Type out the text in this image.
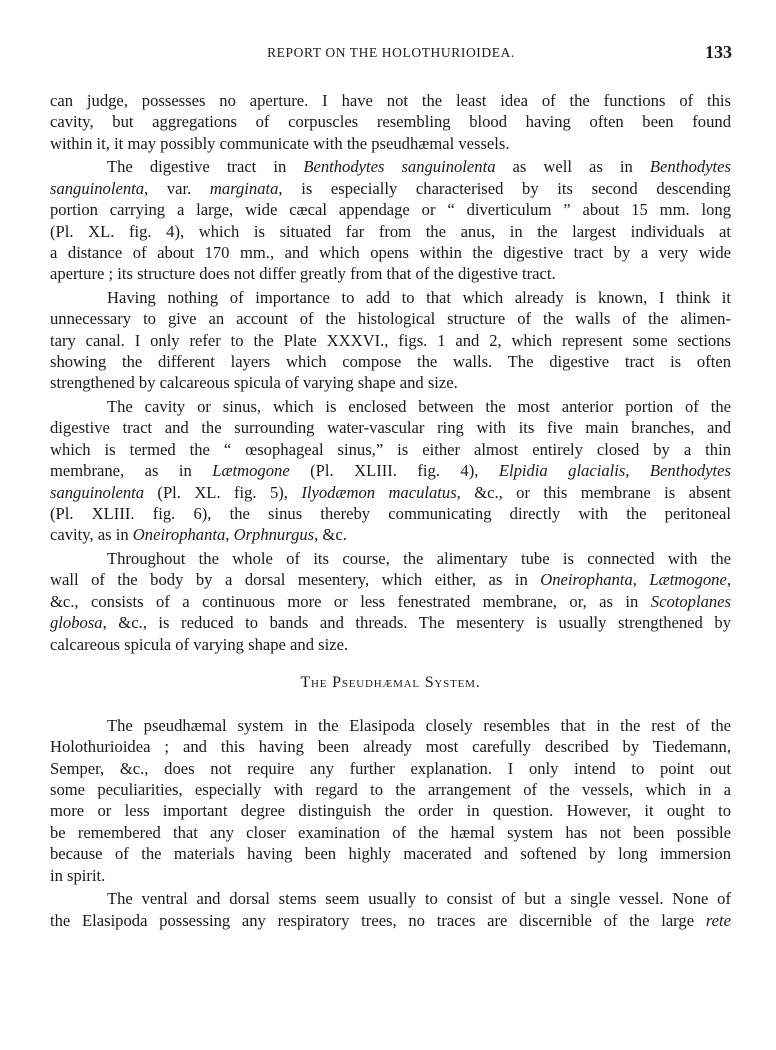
REPORT ON THE HOLOTHURIOIDEA.	133
can judge, possesses no aperture. I have not the least idea of the functions of this
cavity, but aggregations of corpuscles resembling blood having often been found
within it, it may possibly communicate with the pseudhæmal vessels.
The digestive tract in Benthodytes sanguinolenta as well as in Benthodytes
sanguinolenta, var. marginata, is especially characterised by its second descending
portion carrying a large, wide cæcal appendage or “ diverticulum ” about 15 mm. long
(Pl. XL. fig. 4), which is situated far from the anus, in the largest individuals at
a distance of about 170 mm., and which opens within the digestive tract by a very wide
aperture ; its structure does not differ greatly from that of the digestive tract.
Having nothing of importance to add to that which already is known, I think it
unnecessary to give an account of the histological structure of the walls of the alimen-
tary canal. I only refer to the Plate XXXVI., figs. 1 and 2, which represent some sections
showing the different layers which compose the walls. The digestive tract is often
strengthened by calcareous spicula of varying shape and size.
The cavity or sinus, which is enclosed between the most anterior portion of the
digestive tract and the surrounding water-vascular ring with its five main branches, and
which is termed the “ œsophageal sinus,” is either almost entirely closed by a thin
membrane, as in Lætmogone (Pl. XLIII. fig. 4), Elpidia glacialis, Benthodytes
sanguinolenta (Pl. XL. fig. 5), Ilyodæmon maculatus, &c., or this membrane is absent
(Pl. XLIII. fig. 6), the sinus thereby communicating directly with the peritoneal
cavity, as in Oneirophanta, Orphnurgus, &c.
Throughout the whole of its course, the alimentary tube is connected with the
wall of the body by a dorsal mesentery, which either, as in Oneirophanta, Lætmogone,
&c., consists of a continuous more or less fenestrated membrane, or, as in Scotoplanes
globosa, &c., is reduced to bands and threads. The mesentery is usually strengthened by
calcareous spicula of varying shape and size.
The Pseudhæmal System.
The pseudhæmal system in the Elasipoda closely resembles that in the rest of the
Holothurioidea ; and this having been already most carefully described by Tiedemann,
Semper, &c., does not require any further explanation. I only intend to point out
some peculiarities, especially with regard to the arrangement of the vessels, which in a
more or less important degree distinguish the order in question. However, it ought to
be remembered that any closer examination of the hæmal system has not been possible
because of the materials having been highly macerated and softened by long immersion
in spirit.
The ventral and dorsal stems seem usually to consist of but a single vessel. None of
the Elasipoda possessing any respiratory trees, no traces are discernible of the large rete
